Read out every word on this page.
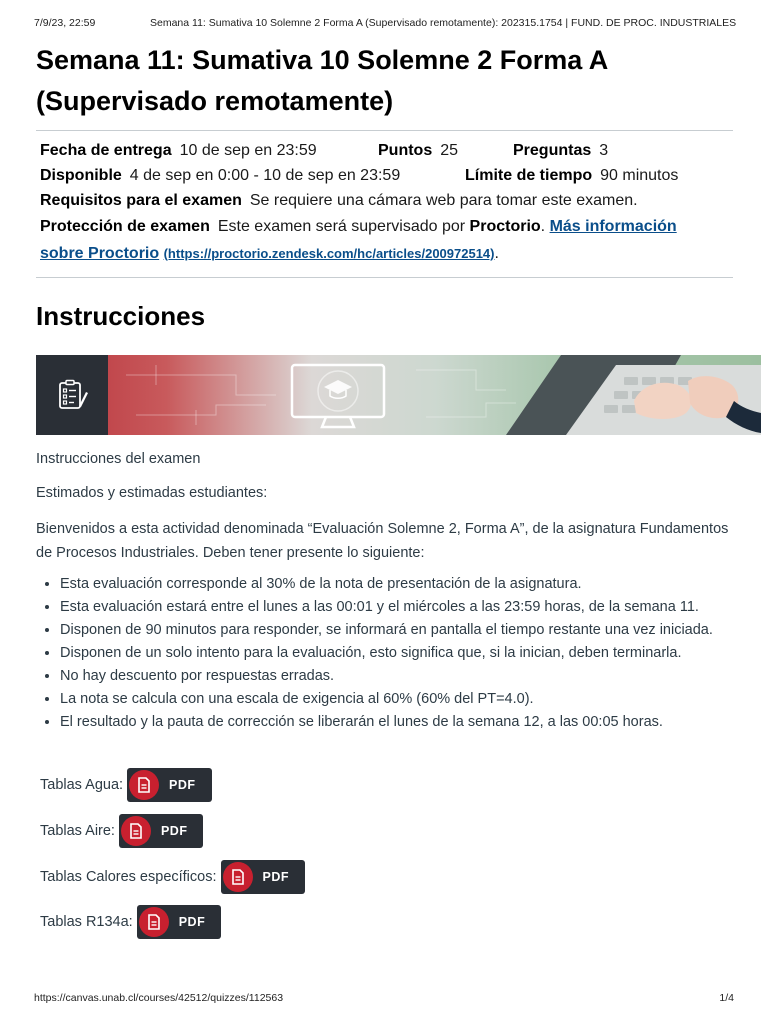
7/9/23, 22:59	Semana 11: Sumativa 10 Solemne 2 Forma A (Supervisado remotamente): 202315.1754 | FUND. DE PROC. INDUSTRIALES
Semana 11: Sumativa 10 Solemne 2 Forma A
(Supervisado remotamente)
Fecha de entrega 10 de sep en 23:59	Puntos 25	Preguntas 3
Disponible 4 de sep en 0:00 - 10 de sep en 23:59	Límite de tiempo 90 minutos
Requisitos para el examen Se requiere una cámara web para tomar este examen.
Protección de examen Este examen será supervisado por Proctorio. Más información
sobre Proctorio (https://proctorio.zendesk.com/hc/articles/200972514).
Instrucciones

Instrucciones del examen

Estimados y estimadas estudiantes:

Bienvenidos a esta actividad denominada “Evaluación Solemne 2, Forma A”, de la asignatura Fundamentos de Procesos Industriales. Deben tener presente lo siguiente:

• Esta evaluación corresponde al 30% de la nota de presentación de la asignatura.
• Esta evaluación estará entre el lunes a las 00:01 y el miércoles a las 23:59 horas, de la semana 11.
• Disponen de 90 minutos para responder, se informará en pantalla el tiempo restante una vez iniciada.
• Disponen de un solo intento para la evaluación, esto significa que, si la inician, deben terminarla.
• No hay descuento por respuestas erradas.
• La nota se calcula con una escala de exigencia al 60% (60% del PT=4.0).
• El resultado y la pauta de corrección se liberarán el lunes de la semana 12, a las 00:05 horas.
Tablas Agua:	PDF
Tablas Aire:	PDF
Tablas Calores específicos:	PDF
Tablas R134a:	PDF
https://canvas.unab.cl/courses/42512/quizzes/112563	1/4
